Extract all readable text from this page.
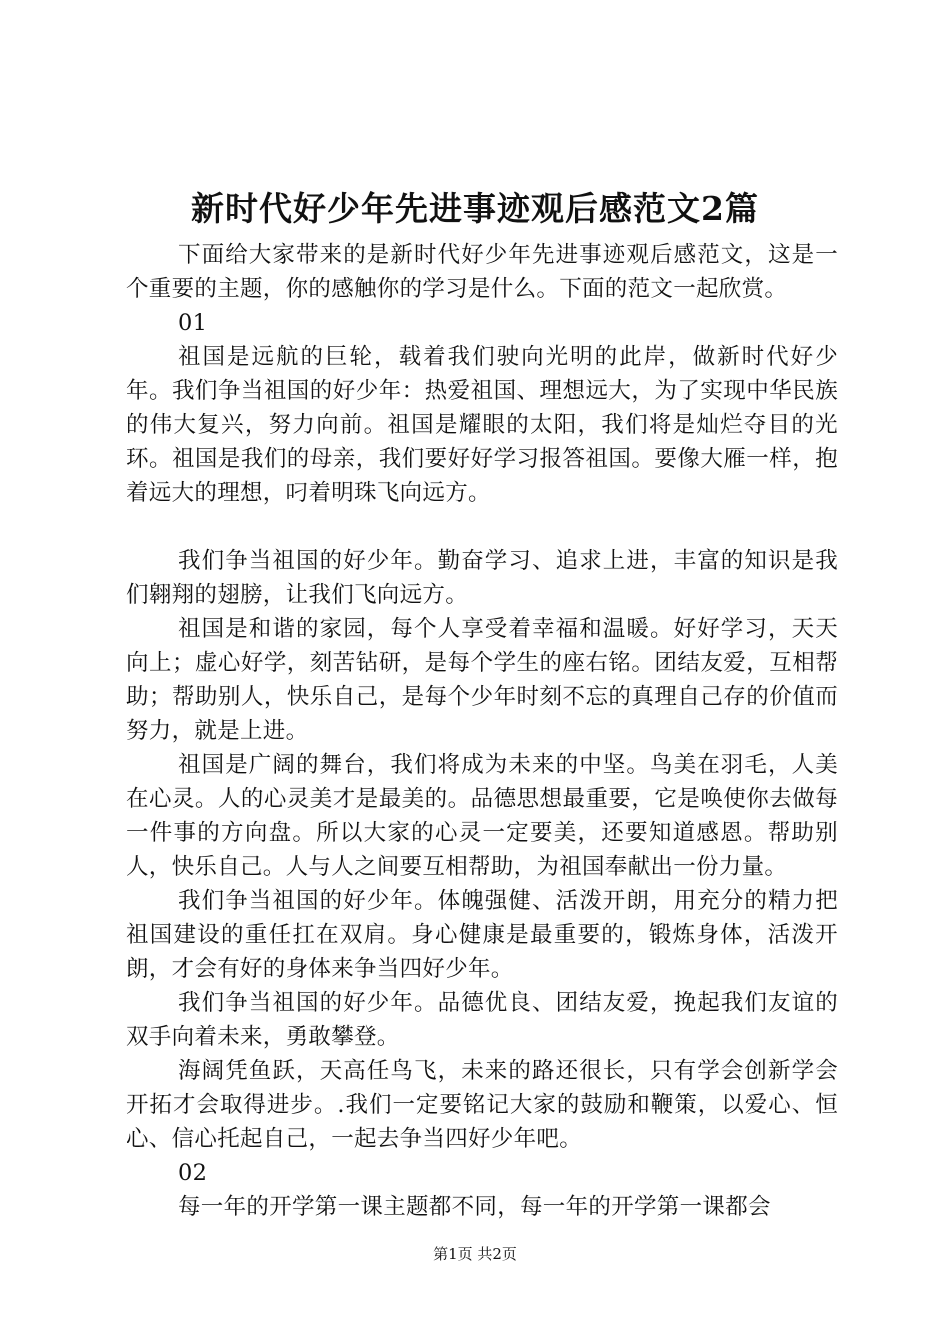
新时代好少年先进事迹观后感范文2篇

下面给大家带来的是新时代好少年先进事迹观后感范文，这是一个重要的主题，你的感触你的学习是什么。下面的范文一起欣赏。

01

祖国是远航的巨轮，载着我们驶向光明的此岸，做新时代好少年。我们争当祖国的好少年：热爱祖国、理想远大，为了实现中华民族的伟大复兴，努力向前。祖国是耀眼的太阳，我们将是灿烂夺目的光环。祖国是我们的母亲，我们要好好学习报答祖国。要像大雁一样，抱着远大的理想，叼着明珠飞向远方。

我们争当祖国的好少年。勤奋学习、追求上进，丰富的知识是我们翱翔的翅膀，让我们飞向远方。

祖国是和谐的家园，每个人享受着幸福和温暖。好好学习，天天向上；虚心好学，刻苦钻研，是每个学生的座右铭。团结友爱，互相帮助；帮助别人，快乐自己，是每个少年时刻不忘的真理自己存的价值而努力，就是上进。

祖国是广阔的舞台，我们将成为未来的中坚。鸟美在羽毛，人美在心灵。人的心灵美才是最美的。品德思想最重要，它是唤使你去做每一件事的方向盘。所以大家的心灵一定要美，还要知道感恩。帮助别人，快乐自己。人与人之间要互相帮助，为祖国奉献出一份力量。

我们争当祖国的好少年。体魄强健、活泼开朗，用充分的精力把祖国建设的重任扛在双肩。身心健康是最重要的，锻炼身体，活泼开朗，才会有好的身体来争当四好少年。

我们争当祖国的好少年。品德优良、团结友爱，挽起我们友谊的双手向着未来，勇敢攀登。

海阔凭鱼跃，天高任鸟飞，未来的路还很长，只有学会创新学会开拓才会取得进步。.我们一定要铭记大家的鼓励和鞭策，以爱心、恒心、信心托起自己，一起去争当四好少年吧。

02

每一年的开学第一课主题都不同，每一年的开学第一课都会

第1页 共2页
